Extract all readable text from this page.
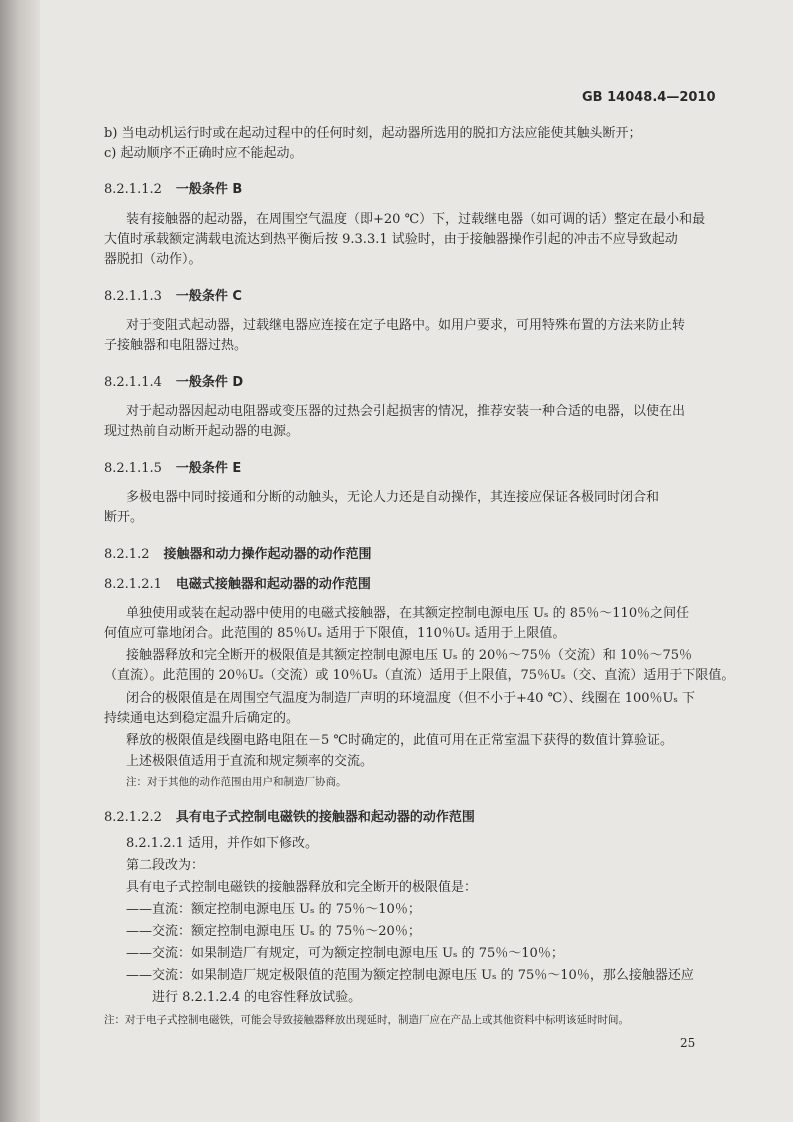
GB 14048.4—2010
b) 当电动机运行时或在起动过程中的任何时刻，起动器所选用的脱扣方法应能使其触头断开；
c) 起动顺序不正确时应不能起动。
8.2.1.1.2 一般条件 B
装有接触器的起动器，在周围空气温度（即+20 ℃）下，过载继电器（如可调的话）整定在最小和最
大值时承载额定满载电流达到热平衡后按 9.3.3.1 试验时，由于接触器操作引起的冲击不应导致起动
器脱扣（动作）。
8.2.1.1.3 一般条件 C
对于变阻式起动器，过载继电器应连接在定子电路中。如用户要求，可用特殊布置的方法来防止转
子接触器和电阻器过热。
8.2.1.1.4 一般条件 D
对于起动器因起动电阻器或变压器的过热会引起损害的情况，推荐安装一种合适的电器，以使在出
现过热前自动断开起动器的电源。
8.2.1.1.5 一般条件 E
多极电器中同时接通和分断的动触头，无论人力还是自动操作，其连接应保证各极同时闭合和
断开。
8.2.1.2 接触器和动力操作起动器的动作范围
8.2.1.2.1 电磁式接触器和起动器的动作范围
单独使用或装在起动器中使用的电磁式接触器，在其额定控制电源电压 Uₛ 的 85％～110％之间任
何值应可靠地闭合。此范围的 85％Uₛ 适用于下限值，110％Uₛ 适用于上限值。
接触器释放和完全断开的极限值是其额定控制电源电压 Uₛ 的 20％～75％（交流）和 10％～75％
（直流）。此范围的 20％Uₛ（交流）或 10％Uₛ（直流）适用于上限值，75％Uₛ（交、直流）适用于下限值。
闭合的极限值是在周围空气温度为制造厂声明的环境温度（但不小于+40 ℃）、线圈在 100％Uₛ 下
持续通电达到稳定温升后确定的。
释放的极限值是线圈电路电阻在－5 ℃时确定的，此值可用在正常室温下获得的数值计算验证。
上述极限值适用于直流和规定频率的交流。
注：对于其他的动作范围由用户和制造厂协商。
8.2.1.2.2 具有电子式控制电磁铁的接触器和起动器的动作范围
8.2.1.2.1 适用，并作如下修改。
第二段改为：
具有电子式控制电磁铁的接触器释放和完全断开的极限值是：
——直流：额定控制电源电压 Uₛ 的 75％～10％；
——交流：额定控制电源电压 Uₛ 的 75％～20％；
——交流：如果制造厂有规定，可为额定控制电源电压 Uₛ 的 75％～10％；
——交流：如果制造厂规定极限值的范围为额定控制电源电压 Uₛ 的 75％～10％，那么接触器还应
进行 8.2.1.2.4 的电容性释放试验。
注：对于电子式控制电磁铁，可能会导致接触器释放出现延时，制造厂应在产品上或其他资料中标明该延时时间。
25
